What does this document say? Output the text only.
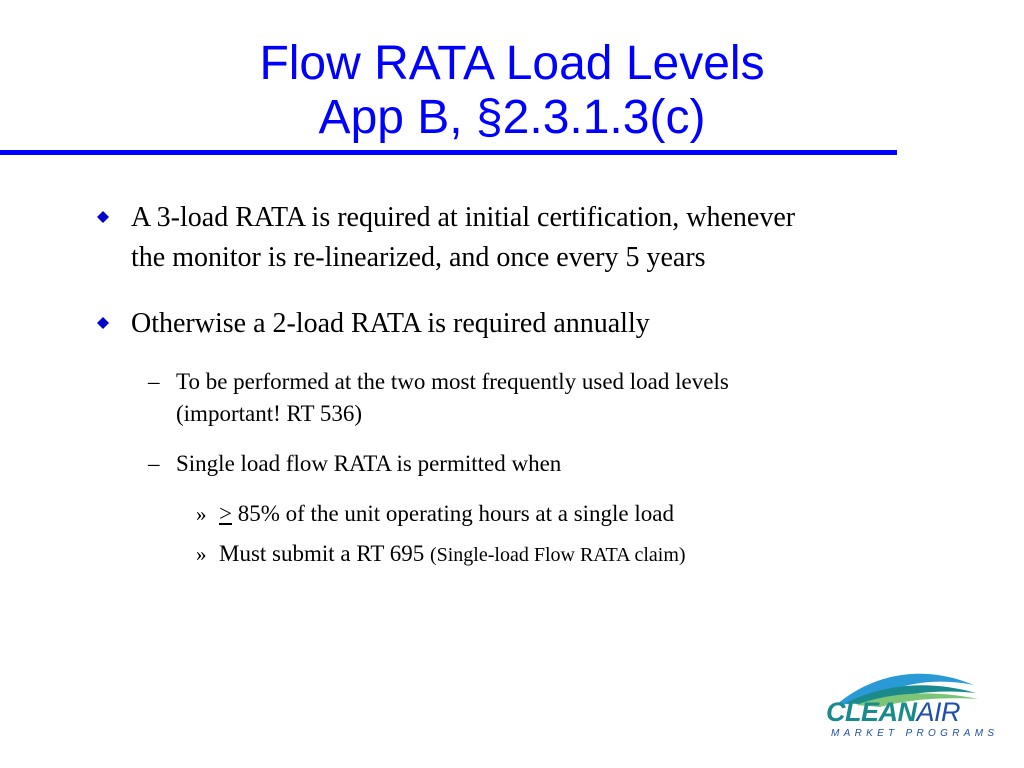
Flow RATA Load Levels
App B, §2.3.1.3(c)
A 3-load RATA is required at initial certification, whenever
the monitor is re-linearized, and once every 5 years
Otherwise a 2-load RATA is required annually
– To be performed at the two most frequently used load levels
(important! RT 536)
– Single load flow RATA is permitted when
» ≥ 85% of the unit operating hours at a single load
» Must submit a RT 695 (Single-load Flow RATA claim)
CLEANAIR
MARKET PROGRAMS
